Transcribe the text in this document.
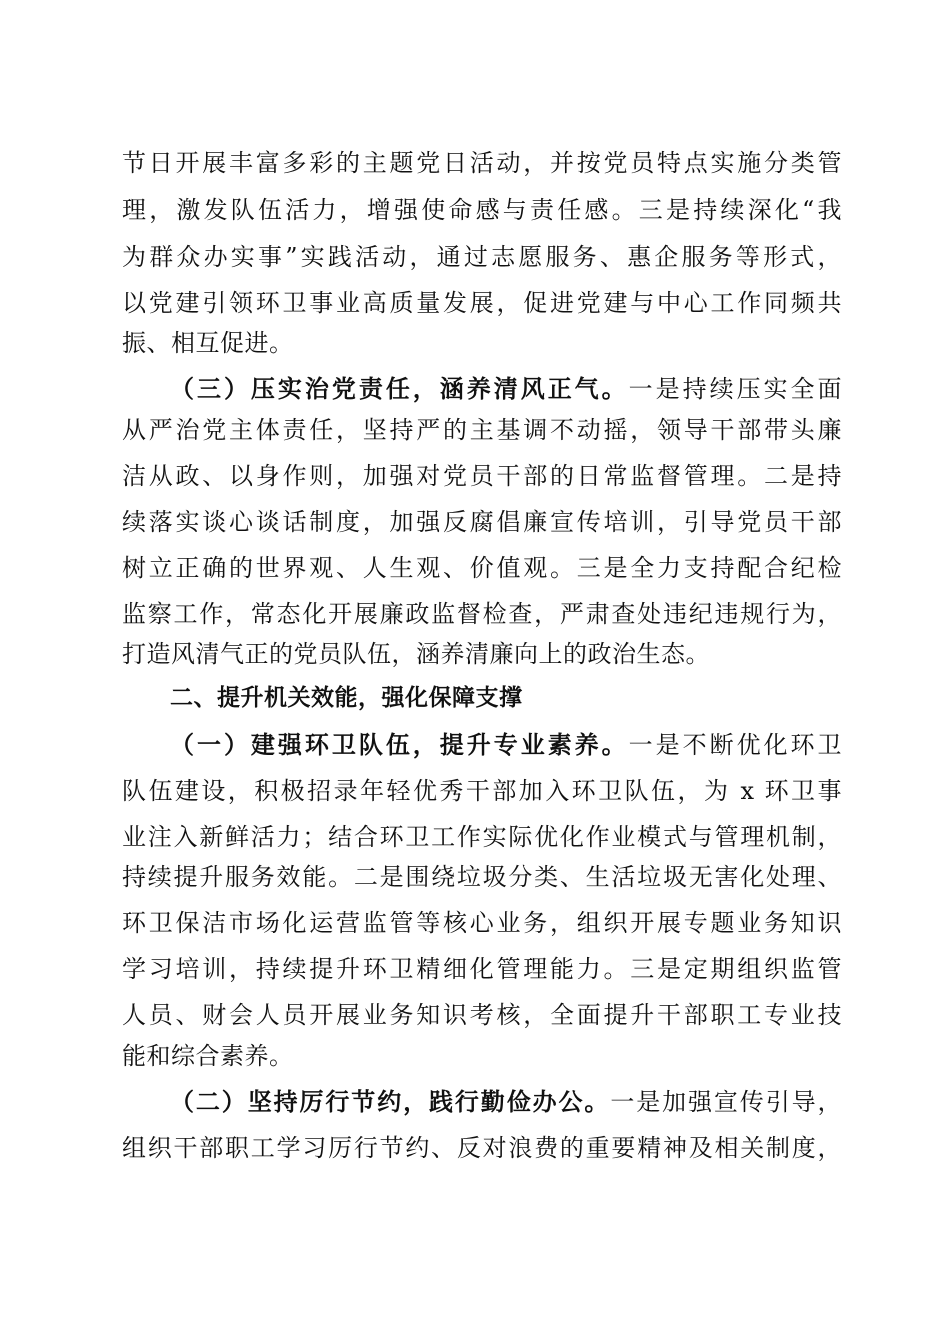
节日开展丰富多彩的主题党日活动，并按党员特点实施分类管
理，激发队伍活力，增强使命感与责任感。三是持续深化“我
为群众办实事”实践活动，通过志愿服务、惠企服务等形式，
以党建引领环卫事业高质量发展，促进党建与中心工作同频共
振、相互促进。
（三）压实治党责任，涵养清风正气。一是持续压实全面
从严治党主体责任，坚持严的主基调不动摇，领导干部带头廉
洁从政、以身作则，加强对党员干部的日常监督管理。二是持
续落实谈心谈话制度，加强反腐倡廉宣传培训，引导党员干部
树立正确的世界观、人生观、价值观。三是全力支持配合纪检
监察工作，常态化开展廉政监督检查，严肃查处违纪违规行为，
打造风清气正的党员队伍，涵养清廉向上的政治生态。
二、提升机关效能，强化保障支撑
（一）建强环卫队伍，提升专业素养。一是不断优化环卫
队伍建设，积极招录年轻优秀干部加入环卫队伍，为 x 环卫事
业注入新鲜活力；结合环卫工作实际优化作业模式与管理机制，
持续提升服务效能。二是围绕垃圾分类、生活垃圾无害化处理、
环卫保洁市场化运营监管等核心业务，组织开展专题业务知识
学习培训，持续提升环卫精细化管理能力。三是定期组织监管
人员、财会人员开展业务知识考核，全面提升干部职工专业技
能和综合素养。
（二）坚持厉行节约，践行勤俭办公。一是加强宣传引导，
组织干部职工学习厉行节约、反对浪费的重要精神及相关制度，
